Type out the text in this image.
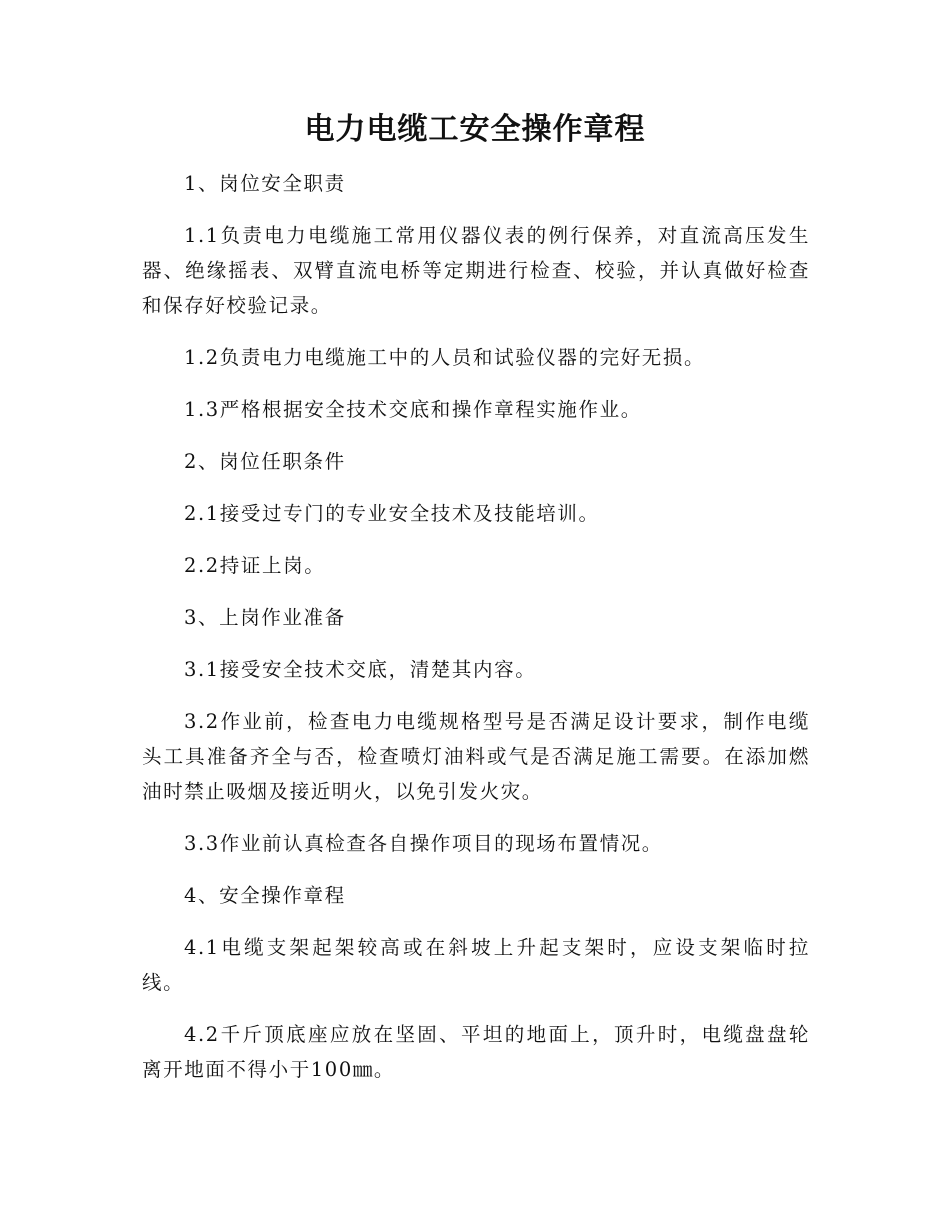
电力电缆工安全操作章程

1、岗位安全职责

1.1负责电力电缆施工常用仪器仪表的例行保养，对直流高压发生器、绝缘摇表、双臂直流电桥等定期进行检查、校验，并认真做好检查和保存好校验记录。

1.2负责电力电缆施工中的人员和试验仪器的完好无损。

1.3严格根据安全技术交底和操作章程实施作业。

2、岗位任职条件

2.1接受过专门的专业安全技术及技能培训。

2.2持证上岗。

3、上岗作业准备

3.1接受安全技术交底，清楚其内容。

3.2作业前，检查电力电缆规格型号是否满足设计要求，制作电缆头工具准备齐全与否，检查喷灯油料或气是否满足施工需要。在添加燃油时禁止吸烟及接近明火，以免引发火灾。

3.3作业前认真检查各自操作项目的现场布置情况。

4、安全操作章程

4.1电缆支架起架较高或在斜坡上升起支架时，应设支架临时拉线。

4.2千斤顶底座应放在坚固、平坦的地面上，顶升时，电缆盘盘轮离开地面不得小于100㎜。
